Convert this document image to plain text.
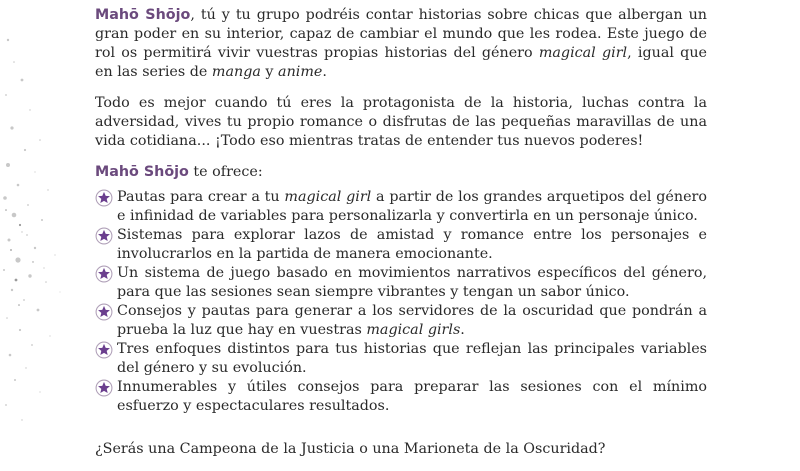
Mahō Shōjo, tú y tu grupo podréis contar historias sobre chicas que albergan un gran poder en su interior, capaz de cambiar el mundo que les rodea. Este juego de rol os permitirá vivir vuestras propias historias del género magical girl, igual que en las series de manga y anime.

Todo es mejor cuando tú eres la protagonista de la historia, luchas contra la adversidad, vives tu propio romance o disfrutas de las pequeñas maravillas de una vida cotidiana... ¡Todo eso mientras tratas de entender tus nuevos poderes!

Mahō Shōjo te ofrece:

Pautas para crear a tu magical girl a partir de los grandes arquetipos del género e infinidad de variables para personalizarla y convertirla en un personaje único.
Sistemas para explorar lazos de amistad y romance entre los personajes e involucrarlos en la partida de manera emocionante.
Un sistema de juego basado en movimientos narrativos específicos del género, para que las sesiones sean siempre vibrantes y tengan un sabor único.
Consejos y pautas para generar a los servidores de la oscuridad que pondrán a prueba la luz que hay en vuestras magical girls.
Tres enfoques distintos para tus historias que reflejan las principales variables del género y su evolución.
Innumerables y útiles consejos para preparar las sesiones con el mínimo esfuerzo y espectaculares resultados.

¿Serás una Campeona de la Justicia o una Marioneta de la Oscuridad?
